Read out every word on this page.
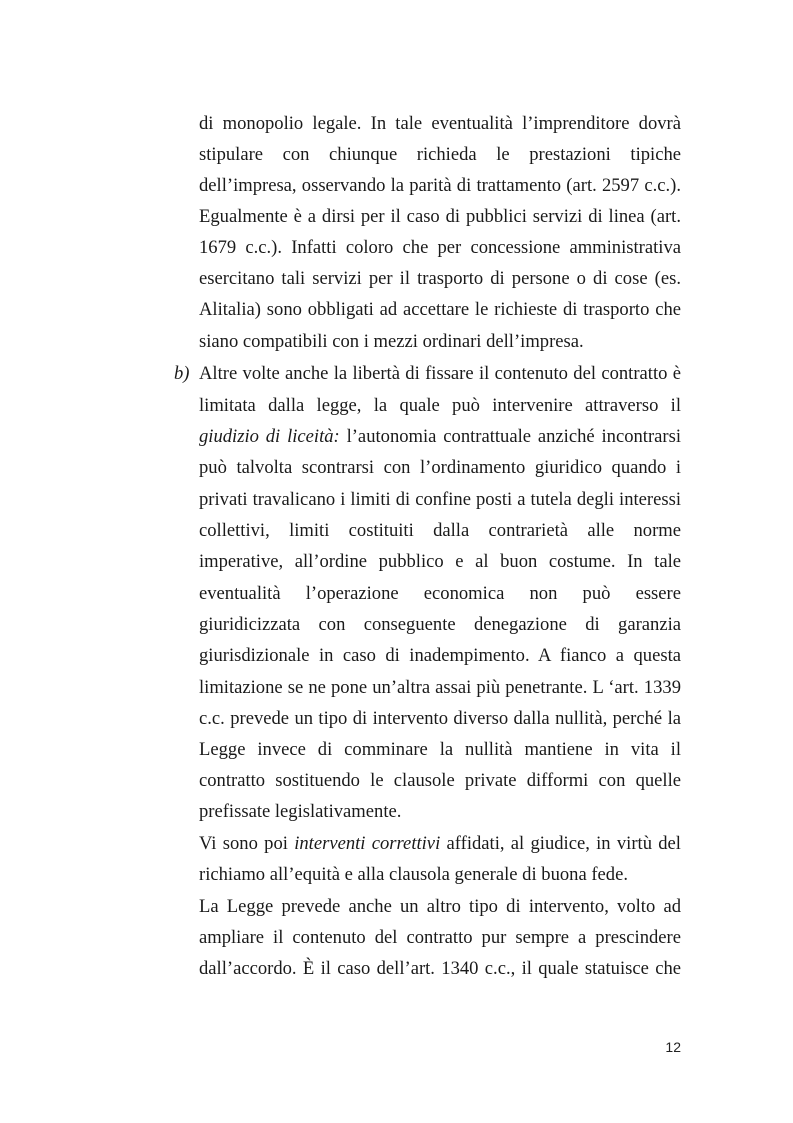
di monopolio legale. In tale eventualità l’imprenditore dovrà
stipulare con chiunque richieda le prestazioni tipiche
dell’impresa, osservando la parità di trattamento (art. 2597 c.c.).
Egualmente è a dirsi per il caso di pubblici servizi di linea (art.
1679 c.c.). Infatti coloro che per concessione amministrativa
esercitano tali servizi per il trasporto di persone o di cose (es.
Alitalia) sono obbligati ad accettare le richieste di trasporto che
siano compatibili con i mezzi ordinari dell’impresa.
b) Altre volte anche la libertà di fissare il contenuto del contratto è
limitata dalla legge, la quale può intervenire attraverso il
giudizio di liceità: l’autonomia contrattuale anziché incontrarsi
può talvolta scontrarsi con l’ordinamento giuridico quando i
privati travalicano i limiti di confine posti a tutela degli interessi
collettivi, limiti costituiti dalla contrarietà alle norme
imperative, all’ordine pubblico e al buon costume. In tale
eventualità l’operazione economica non può essere
giuridicizzata con conseguente denegazione di garanzia
giurisdizionale in caso di inadempimento. A fianco a questa
limitazione se ne pone un’altra assai più penetrante. L ‘art. 1339
c.c. prevede un tipo di intervento diverso dalla nullità, perché la
Legge invece di comminare la nullità mantiene in vita il
contratto sostituendo le clausole private difformi con quelle
prefissate legislativamente.
Vi sono poi interventi correttivi affidati, al giudice, in virtù del
richiamo all’equità e alla clausola generale di buona fede.
La Legge prevede anche un altro tipo di intervento, volto ad
ampliare il contenuto del contratto pur sempre a prescindere
dall’accordo. È il caso dell’art. 1340 c.c., il quale statuisce che
12
